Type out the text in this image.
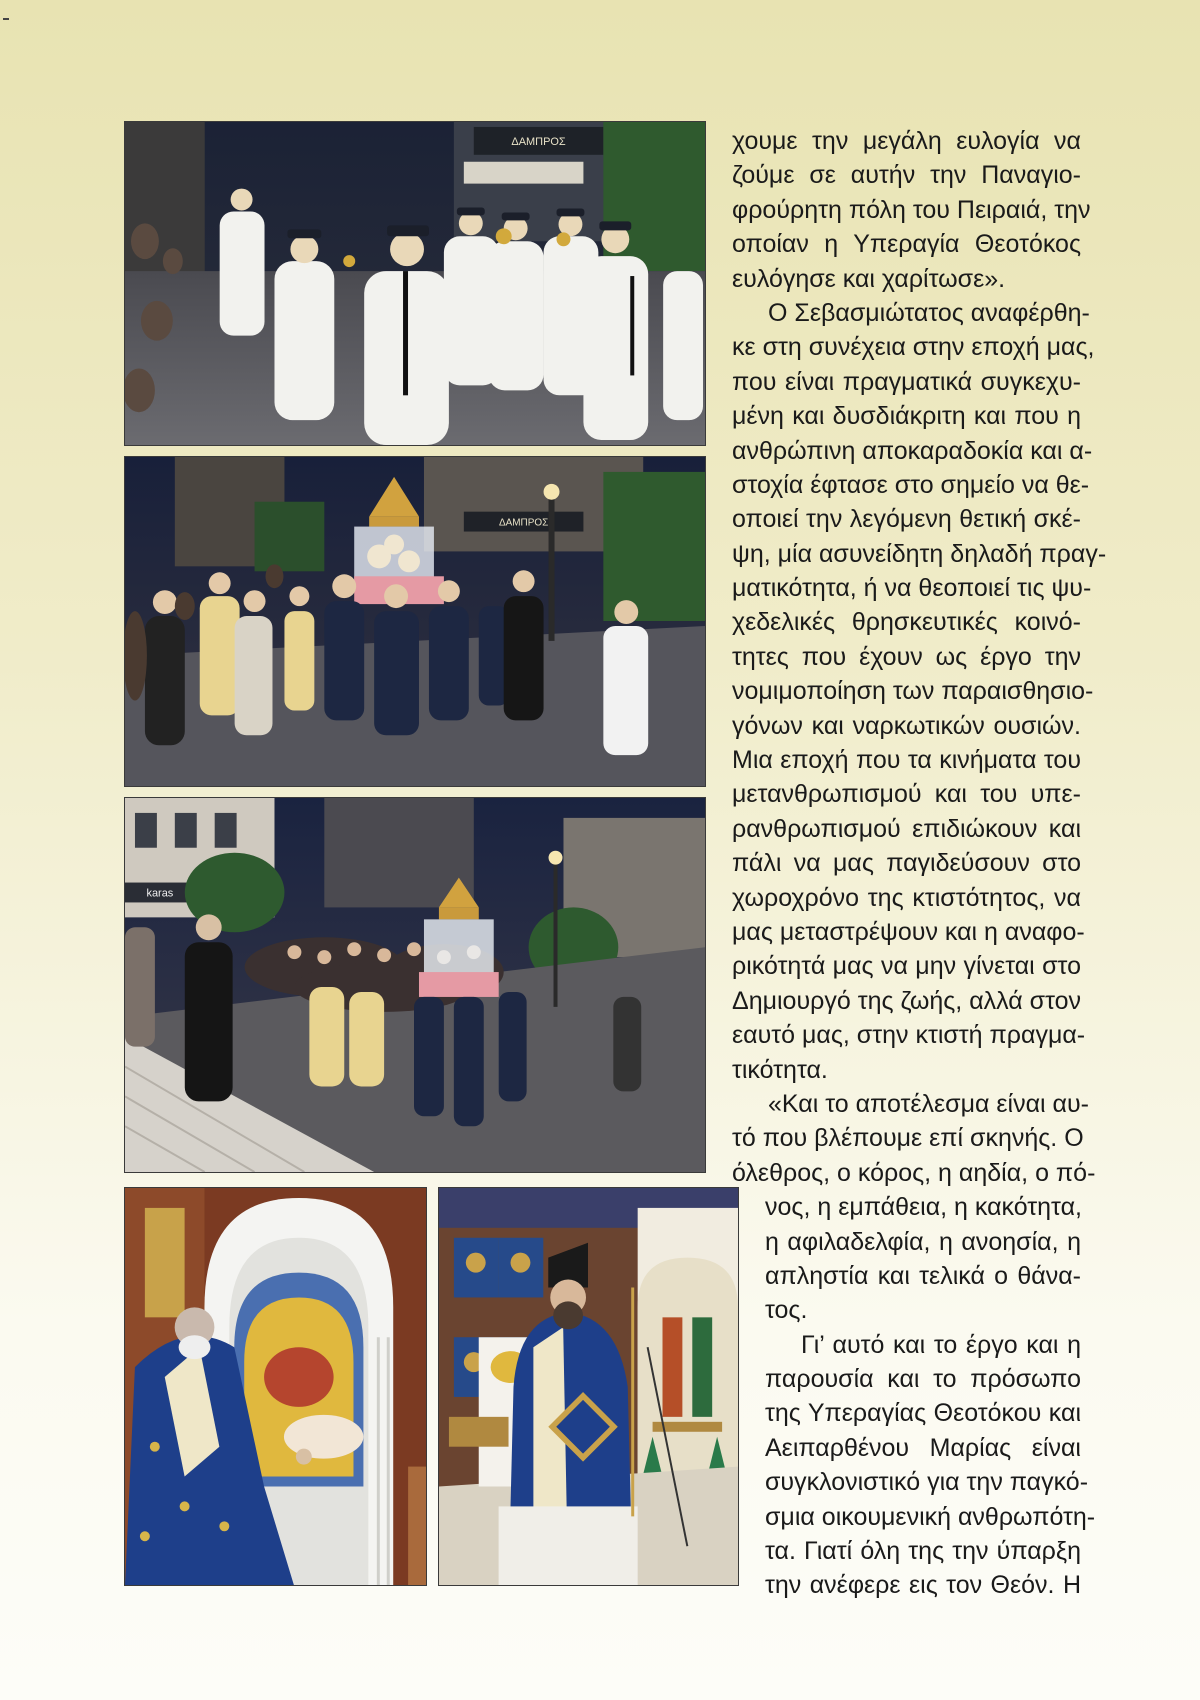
ΔΑΜΠΡΟΣ
ΔΑΜΠΡΟΣ
karas
χουμε την μεγάλη ευλογία να
ζούμε σε αυτήν την Παναγιο-
φρούρητη πόλη του Πειραιά, την
οποίαν η Υπεραγία Θεοτόκος
ευλόγησε και χαρίτωσε».
Ο Σεβασμιώτατος αναφέρθη-
κε στη συνέχεια στην εποχή μας,
που είναι πραγματικά συγκεχυ-
μένη και δυσδιάκριτη και που η
ανθρώπινη αποκαραδοκία και α-
στοχία έφτασε στο σημείο να θε-
οποιεί την λεγόμενη θετική σκέ-
ψη, μία ασυνείδητη δηλαδή πραγ-
ματικότητα, ή να θεοποιεί τις ψυ-
χεδελικές θρησκευτικές κοινό-
τητες που έχουν ως έργο την
νομιμοποίηση των παραισθησιο-
γόνων και ναρκωτικών ουσιών.
Μια εποχή που τα κινήματα του
μετανθρωπισμού και του υπε-
ρανθρωπισμού επιδιώκουν και
πάλι να μας παγιδεύσουν στο
χωροχρόνο της κτιστότητος, να
μας μεταστρέψουν και η αναφο-
ρικότητά μας να μην γίνεται στο
Δημιουργό της ζωής, αλλά στον
εαυτό μας, στην κτιστή πραγμα-
τικότητα.
«Και το αποτέλεσμα είναι αυ-
τό που βλέπουμε επί σκηνής. Ο
όλεθρος, ο κόρος, η αηδία, ο πό-
νος, η εμπάθεια, η κακότητα,
η αφιλαδελφία, η ανοησία, η
απληστία και τελικά ο θάνα-
τος.
Γι’ αυτό και το έργο και η
παρουσία και το πρόσωπο
της Υπεραγίας Θεοτόκου και
Αειπαρθένου Μαρίας είναι
συγκλονιστικό για την παγκό-
σμια οικουμενική ανθρωπότη-
τα. Γιατί όλη της την ύπαρξη
την ανέφερε εις τον Θεόν. Η
